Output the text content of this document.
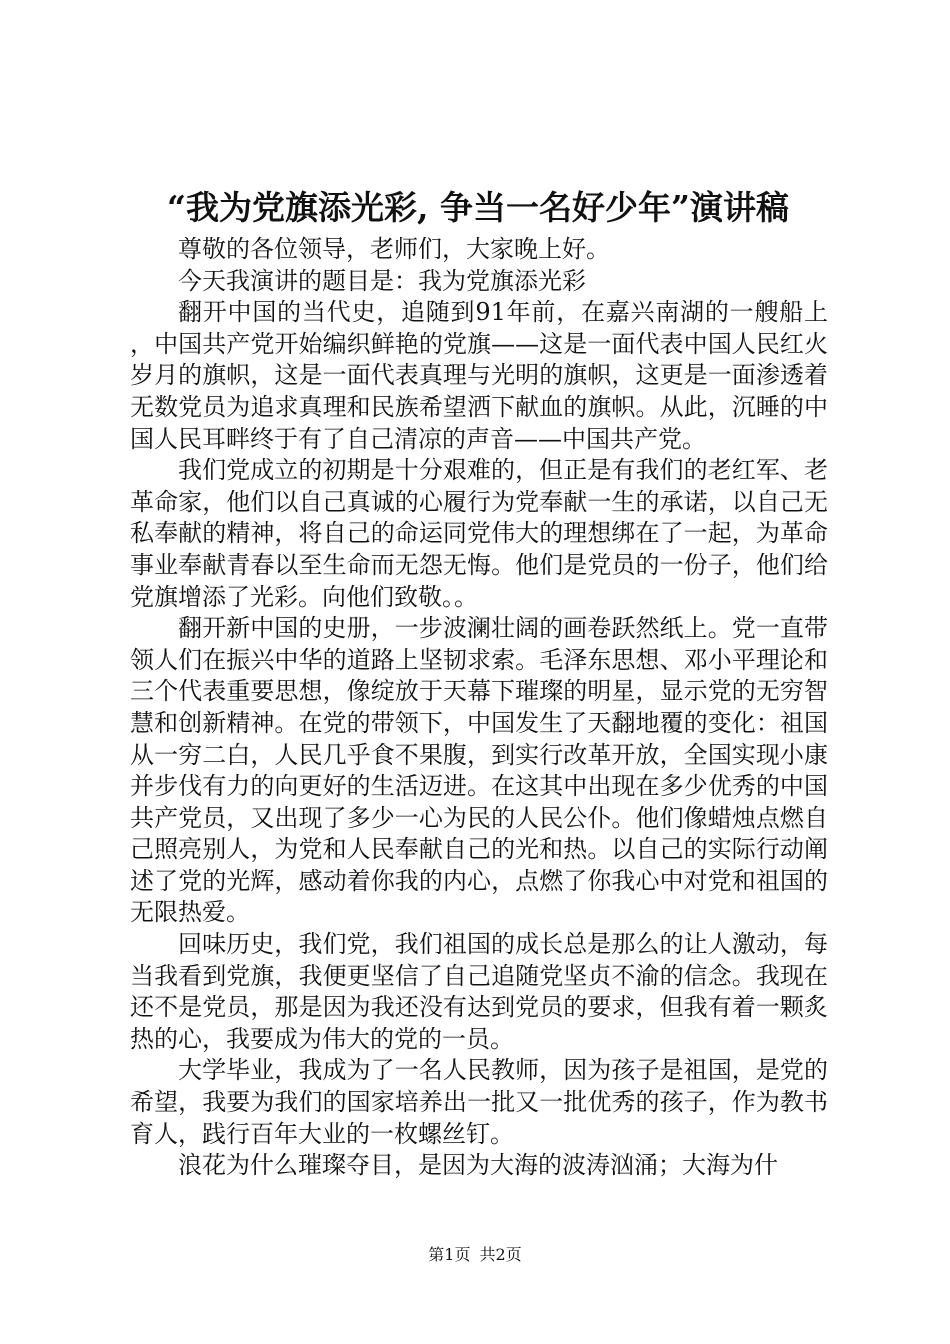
“我为党旗添光彩, 争当一名好少年”演讲稿

尊敬的各位领导，老师们，大家晚上好。

今天我演讲的题目是：我为党旗添光彩

翻开中国的当代史，追随到91年前，在嘉兴南湖的一艘船上，中国共产党开始编织鲜艳的党旗——这是一面代表中国人民红火岁月的旗帜，这是一面代表真理与光明的旗帜，这更是一面渗透着无数党员为追求真理和民族希望洒下献血的旗帜。从此，沉睡的中国人民耳畔终于有了自己清凉的声音——中国共产党。

我们党成立的初期是十分艰难的，但正是有我们的老红军、老革命家，他们以自己真诚的心履行为党奉献一生的承诺，以自己无私奉献的精神，将自己的命运同党伟大的理想绑在了一起，为革命事业奉献青春以至生命而无怨无悔。他们是党员的一份子，他们给党旗增添了光彩。向他们致敬。。

翻开新中国的史册，一步波澜壮阔的画卷跃然纸上。党一直带领人们在振兴中华的道路上坚韧求索。毛泽东思想、邓小平理论和三个代表重要思想，像绽放于天幕下璀璨的明星，显示党的无穷智慧和创新精神。在党的带领下，中国发生了天翻地覆的变化：祖国从一穷二白，人民几乎食不果腹，到实行改革开放，全国实现小康并步伐有力的向更好的生活迈进。在这其中出现在多少优秀的中国共产党员，又出现了多少一心为民的人民公仆。他们像蜡烛点燃自己照亮别人，为党和人民奉献自己的光和热。以自己的实际行动阐述了党的光辉，感动着你我的内心，点燃了你我心中对党和祖国的无限热爱。

回味历史，我们党，我们祖国的成长总是那么的让人激动，每当我看到党旗，我便更坚信了自己追随党坚贞不渝的信念。我现在还不是党员，那是因为我还没有达到党员的要求，但我有着一颗炙热的心，我要成为伟大的党的一员。

大学毕业，我成为了一名人民教师，因为孩子是祖国，是党的希望，我要为我们的国家培养出一批又一批优秀的孩子，作为教书育人，践行百年大业的一枚螺丝钉。

浪花为什么璀璨夺目，是因为大海的波涛汹涌；大海为什

第1页 共2页
